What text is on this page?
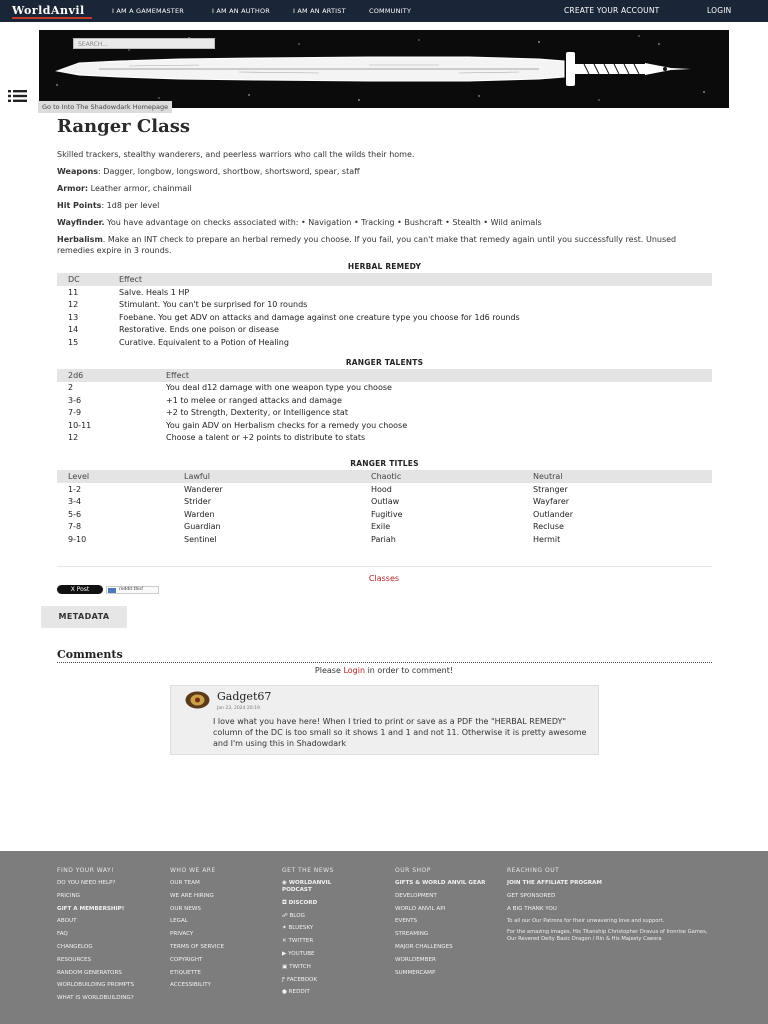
WorldAnvil	I AM A GAMEMASTER	I AM AN AUTHOR	I AM AN ARTIST	COMMUNITY	CREATE YOUR ACCOUNT	LOGIN
SEARCH...
Go to Into The Shadowdark Homepage
Ranger Class

Skilled trackers, stealthy wanderers, and peerless warriors who call the wilds their home.

Weapons: Dagger, longbow, longsword, shortbow, shortsword, spear, staff

Armor: Leather armor, chainmail

Hit Points: 1d8 per level

Wayfinder. You have advantage on checks associated with: • Navigation • Tracking • Bushcraft • Stealth • Wild animals

Herbalism. Make an INT check to prepare an herbal remedy you choose. If you fail, you can't make that remedy again until you successfully rest. Unused remedies expire in 3 rounds.

HERBAL REMEDY
DC	Effect
11	Salve. Heals 1 HP
12	Stimulant. You can't be surprised for 10 rounds
13	Foebane. You get ADV on attacks and damage against one creature type you choose for 1d6 rounds
14	Restorative. Ends one poison or disease
15	Curative. Equivalent to a Potion of Healing
RANGER TALENTS
2d6	Effect
2	You deal d12 damage with one weapon type you choose
3-6	+1 to melee or ranged attacks and damage
7-9	+2 to Strength, Dexterity, or Intelligence stat
10-11	You gain ADV on Herbalism checks for a remedy you choose
12	Choose a talent or +2 points to distribute to stats
RANGER TITLES
Level	Lawful	Chaotic	Neutral
1-2	Wanderer	Hood	Stranger
3-4	Strider	Outlaw	Wayfarer
5-6	Warden	Fugitive	Outlander
7-8	Guardian	Exile	Recluse
9-10	Sentinel	Pariah	Hermit
Classes
X Post	reddit this!
METADATA
Comments
Please Login in order to comment!
Gadget67
Jan 23, 2024 20:19
I love what you have here! When I tried to print or save as a PDF the "HERBAL REMEDY" column of the DC is too small so it shows 1 and 1 and not 11. Otherwise it is pretty awesome and I'm using this in Shadowdark
FIND YOUR WAY!
DO YOU NEED HELP?
PRICING
GIFT A MEMBERSHIP!
ABOUT
FAQ
CHANGELOG
RESOURCES
RANDOM GENERATORS
WORLDBUILDING PROMPTS
WHAT IS WORLDBUILDING?
WHO WE ARE
OUR TEAM
WE ARE HIRING
OUR NEWS
LEGAL
PRIVACY
TERMS OF SERVICE
COPYRIGHT
ETIQUETTE
ACCESSIBILITY
GET THE NEWS
◉ WORLDANVIL PODCAST
◘ DISCORD
☍ BLOG
✦ BLUESKY
✕ TWITTER
▶ YOUTUBE
▣ TWITCH
Ƒ FACEBOOK
● REDDIT
OUR SHOP
GIFTS & WORLD ANVIL GEAR
DEVELOPMENT
WORLD ANVIL API
EVENTS
STREAMING
MAJOR CHALLENGES
WORLDEMBER
SUMMERCAMP
REACHING OUT
JOIN THE AFFILIATE PROGRAM
GET SPONSORED
A BIG THANK YOU
To all our Our Patrons for their unwavering love and support.
For the amazing images, His Titanship Christopher Dravus of Ironrise Games, Our Revered Deity Basic Dragon / Rin & His Majesty Caeora
